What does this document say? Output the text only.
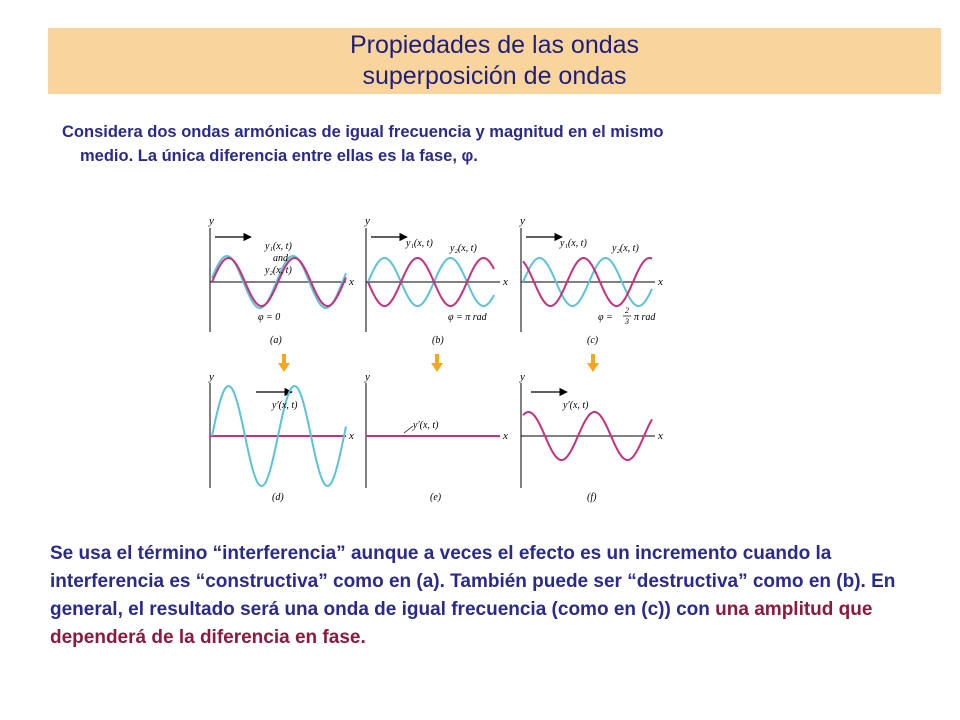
Propiedades de las ondas
superposición de ondas
Considera dos ondas armónicas de igual frecuencia y magnitud en el mismo
medio. La única diferencia entre ellas es la fase, φ.
y
x
y₁(x, t)
and
y₂(x, t)
φ = 0
(a)
y
x
y₁(x, t) y₂(x, t)
φ = π rad
(b)
y
x
y₁(x, t)	y₂(x, t)
φ =
2
3 π rad
(c)
y
x
y′(x, t)
(d)
y
x
y′(x, t)
(e)
y
x
y′(x, t)
(f)
Se usa el término “interferencia” aunque a veces el efecto es un incremento cuando la interferencia es “constructiva” como en (a). También puede ser “destructiva” como en (b). En general, el resultado será una onda de igual frecuencia (como en (c)) con una amplitud que dependerá de la diferencia en fase.
